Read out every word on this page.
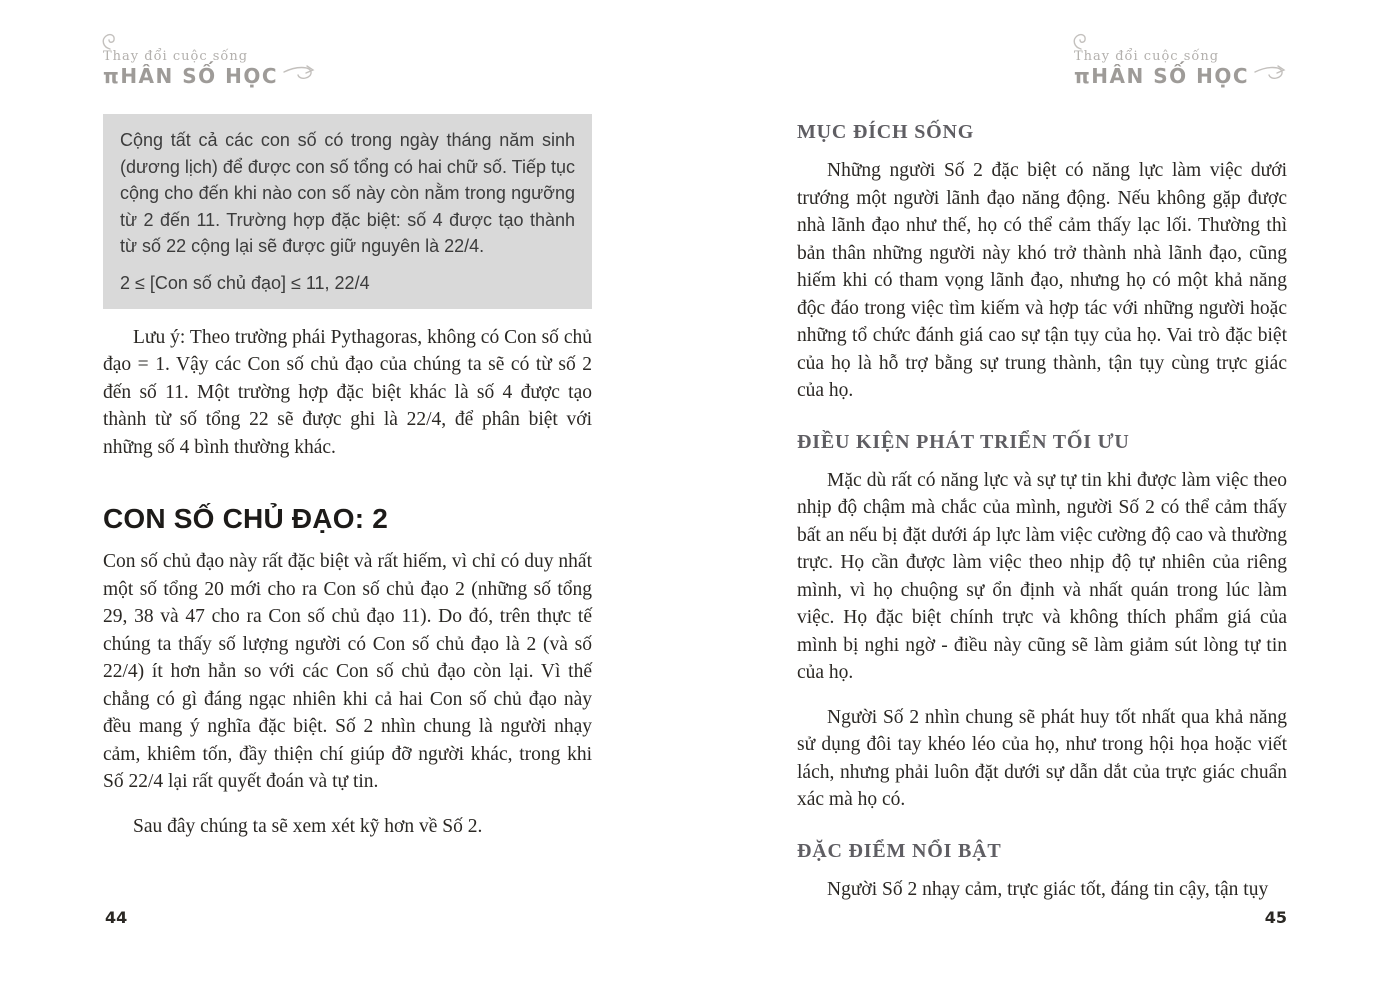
Thay đổi cuộc sống
πHÂN SỐ HỌC

Cộng tất cả các con số có trong ngày tháng năm sinh (dương lịch) để được con số tổng có hai chữ số. Tiếp tục cộng cho đến khi nào con số này còn nằm trong ngưỡng từ 2 đến 11. Trường hợp đặc biệt: số 4 được tạo thành từ số 22 cộng lại sẽ được giữ nguyên là 22/4.

2 ≤ [Con số chủ đạo] ≤ 11, 22/4

Lưu ý: Theo trường phái Pythagoras, không có Con số chủ đạo = 1. Vậy các Con số chủ đạo của chúng ta sẽ có từ số 2 đến số 11. Một trường hợp đặc biệt khác là số 4 được tạo thành từ số tổng 22 sẽ được ghi là 22/4, để phân biệt với những số 4 bình thường khác.

CON SỐ CHỦ ĐẠO: 2

Con số chủ đạo này rất đặc biệt và rất hiếm, vì chỉ có duy nhất một số tổng 20 mới cho ra Con số chủ đạo 2 (những số tổng 29, 38 và 47 cho ra Con số chủ đạo 11). Do đó, trên thực tế chúng ta thấy số lượng người có Con số chủ đạo là 2 (và số 22/4) ít hơn hẳn so với các Con số chủ đạo còn lại. Vì thế chẳng có gì đáng ngạc nhiên khi cả hai Con số chủ đạo này đều mang ý nghĩa đặc biệt. Số 2 nhìn chung là người nhạy cảm, khiêm tốn, đầy thiện chí giúp đỡ người khác, trong khi Số 22/4 lại rất quyết đoán và tự tin.

Sau đây chúng ta sẽ xem xét kỹ hơn về Số 2.

44
Thay đổi cuộc sống
πHÂN SỐ HỌC
MỤC ĐÍCH SỐNG

Những người Số 2 đặc biệt có năng lực làm việc dưới trướng một người lãnh đạo năng động. Nếu không gặp được nhà lãnh đạo như thế, họ có thể cảm thấy lạc lối. Thường thì bản thân những người này khó trở thành nhà lãnh đạo, cũng hiếm khi có tham vọng lãnh đạo, nhưng họ có một khả năng độc đáo trong việc tìm kiếm và hợp tác với những người hoặc những tổ chức đánh giá cao sự tận tụy của họ. Vai trò đặc biệt của họ là hỗ trợ bằng sự trung thành, tận tụy cùng trực giác của họ.

ĐIỀU KIỆN PHÁT TRIỂN TỐI ƯU

Mặc dù rất có năng lực và sự tự tin khi được làm việc theo nhịp độ chậm mà chắc của mình, người Số 2 có thể cảm thấy bất an nếu bị đặt dưới áp lực làm việc cường độ cao và thường trực. Họ cần được làm việc theo nhịp độ tự nhiên của riêng mình, vì họ chuộng sự ổn định và nhất quán trong lúc làm việc. Họ đặc biệt chính trực và không thích phẩm giá của mình bị nghi ngờ - điều này cũng sẽ làm giảm sút lòng tự tin của họ.

Người Số 2 nhìn chung sẽ phát huy tốt nhất qua khả năng sử dụng đôi tay khéo léo của họ, như trong hội họa hoặc viết lách, nhưng phải luôn đặt dưới sự dẫn dắt của trực giác chuẩn xác mà họ có.

ĐẶC ĐIỂM NỔI BẬT

Người Số 2 nhạy cảm, trực giác tốt, đáng tin cậy, tận tụy

45
